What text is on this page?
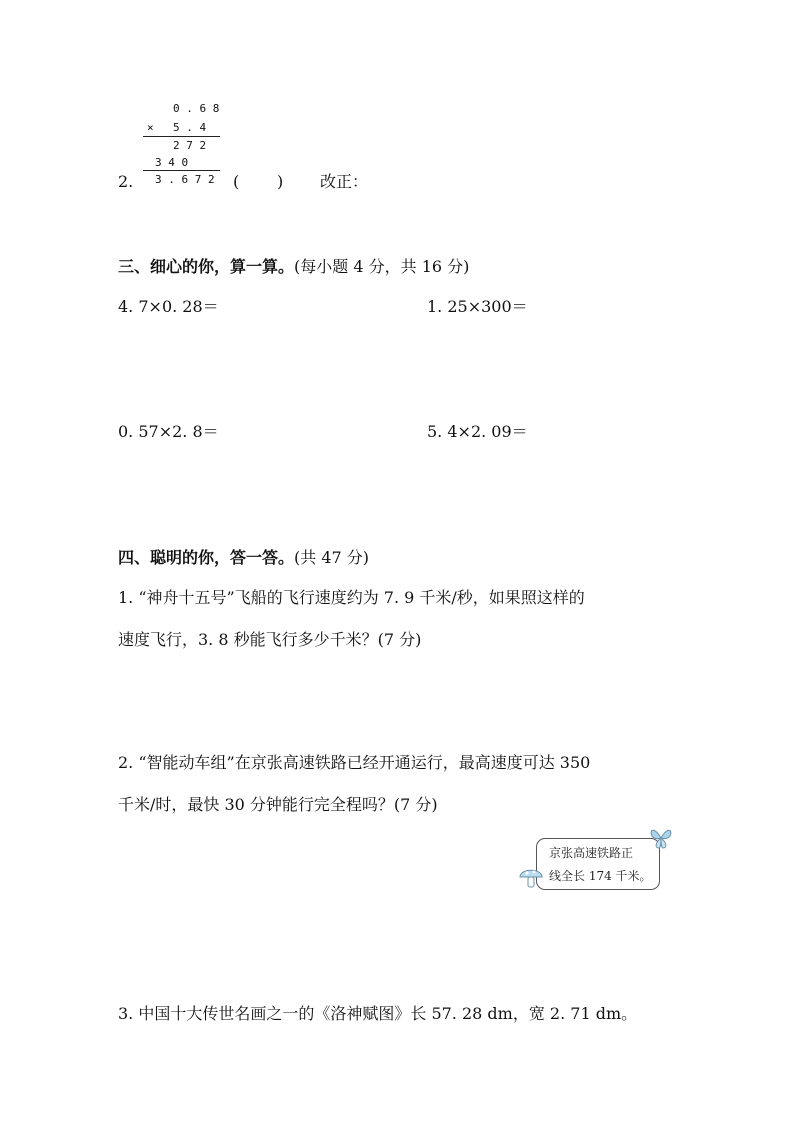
0 . 6 8
× 5 . 4
2 7 2
3 4 0
3 . 6 7 2
2.	( ) 改正：
三、细心的你，算一算。(每小题 4 分，共 16 分)
4. 7×0. 28＝	1. 25×300＝
0. 57×2. 8＝	5. 4×2. 09＝
四、聪明的你，答一答。(共 47 分)
1. “神舟十五号”飞船的飞行速度约为 7. 9 千米/秒，如果照这样的
速度飞行，3. 8 秒能飞行多少千米？(7 分)
2. “智能动车组”在京张高速铁路已经开通运行，最高速度可达 350
千米/时，最快 30 分钟能行完全程吗？(7 分)
京张高速铁路正
线全长 174 千米。
3. 中国十大传世名画之一的《洛神赋图》长 57. 28 dm，宽 2. 71 dm。
